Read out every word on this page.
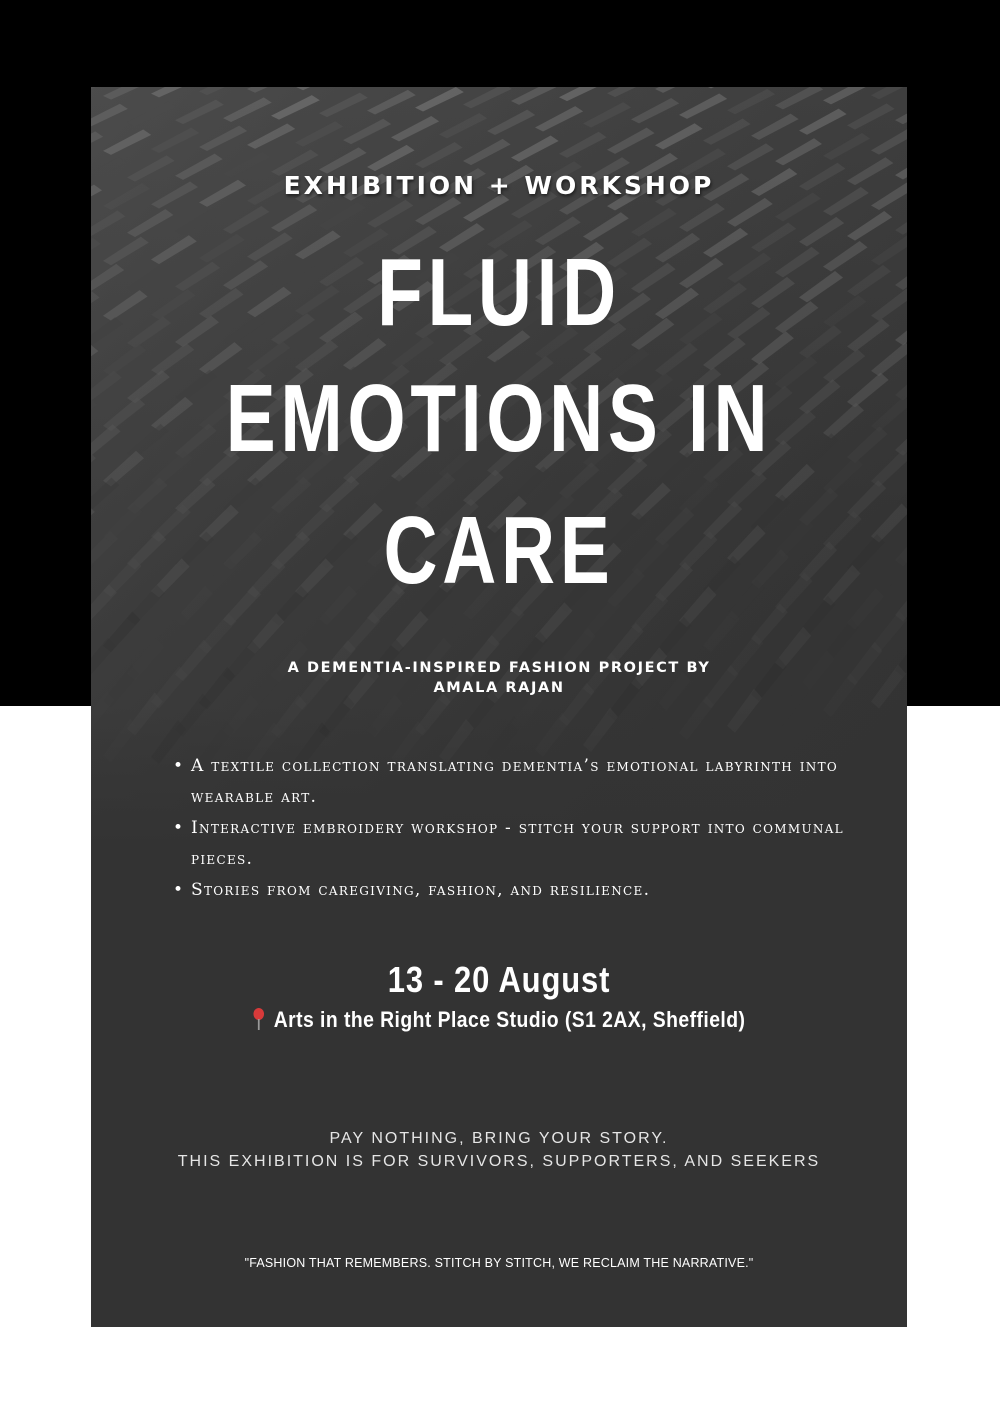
EXHIBITION + WORKSHOP
FLUID
EMOTIONS IN
CARE
A DEMENTIA-INSPIRED FASHION PROJECT BY
AMALA RAJAN
• A textile collection translating dementia’s emotional labyrinth into wearable art.
• Interactive embroidery workshop - stitch your support into communal pieces.
• Stories from caregiving, fashion, and resilience.
13 - 20 August
Arts in the Right Place Studio (S1 2AX, Sheffield)
PAY NOTHING, BRING YOUR STORY.
THIS EXHIBITION IS FOR SURVIVORS, SUPPORTERS, AND SEEKERS
"FASHION THAT REMEMBERS. STITCH BY STITCH, WE RECLAIM THE NARRATIVE."
